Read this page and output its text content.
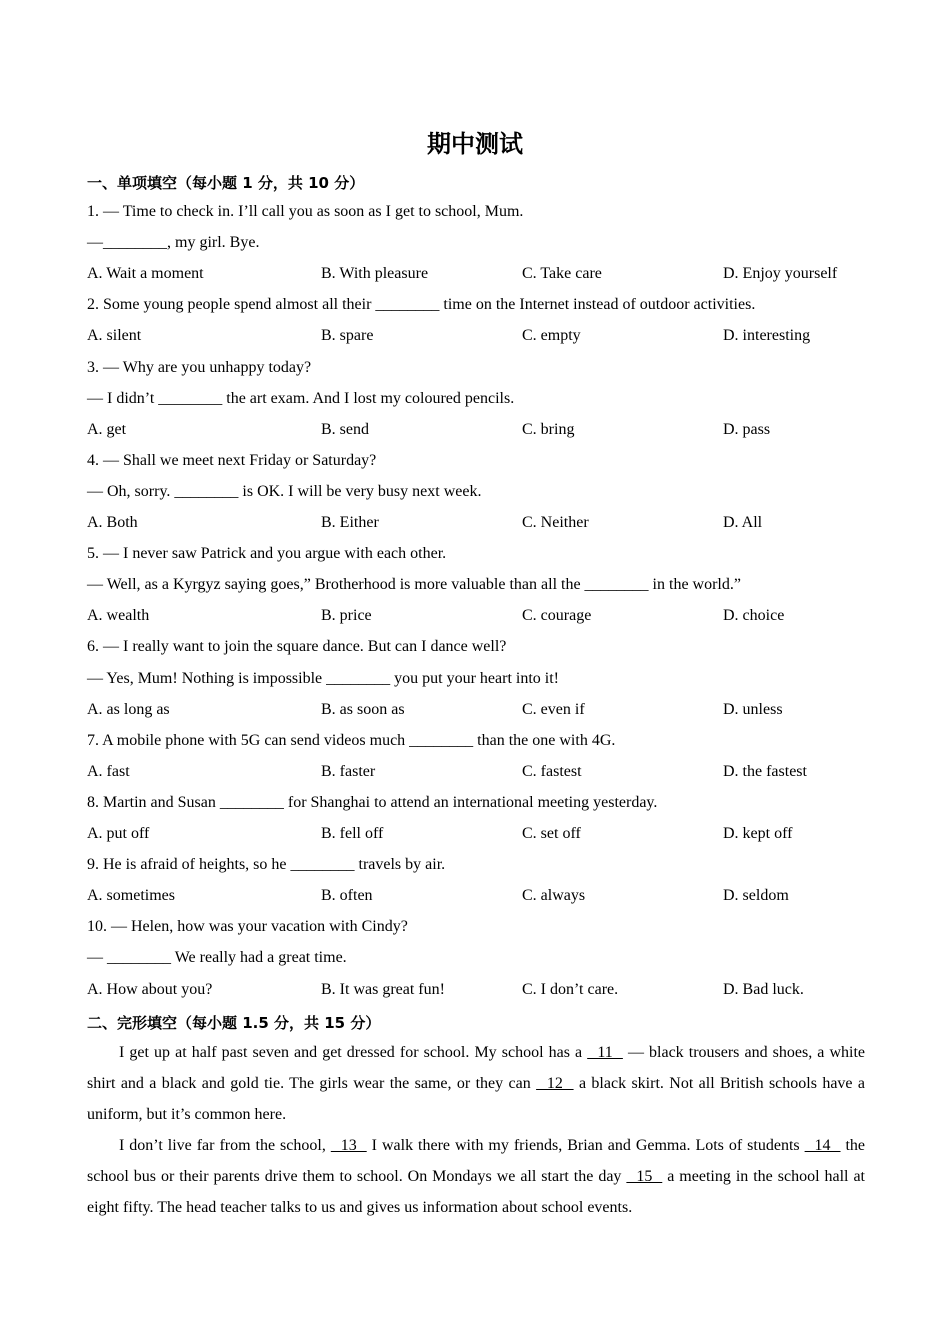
期中测试
一、单项填空（每小题 1 分，共 10 分）
1. — Time to check in. I’ll call you as soon as I get to school, Mum.
—________, my girl. Bye.
A. Wait a moment	B. With pleasure	C. Take care	D. Enjoy yourself
2. Some young people spend almost all their ________ time on the Internet instead of outdoor activities.
A. silent	B. spare	C. empty	D. interesting
3. — Why are you unhappy today?
— I didn’t ________ the art exam. And I lost my coloured pencils.
A. get	B. send	C. bring	D. pass
4. — Shall we meet next Friday or Saturday?
— Oh, sorry. ________ is OK. I will be very busy next week.
A. Both	B. Either	C. Neither	D. All
5. — I never saw Patrick and you argue with each other.
— Well, as a Kyrgyz saying goes,” Brotherhood is more valuable than all the ________ in the world.”
A. wealth	B. price	C. courage	D. choice
6. — I really want to join the square dance. But can I dance well?
— Yes, Mum! Nothing is impossible ________ you put your heart into it!
A. as long as	B. as soon as	C. even if	D. unless
7. A mobile phone with 5G can send videos much ________ than the one with 4G.
A. fast	B. faster	C. fastest	D. the fastest
8. Martin and Susan ________ for Shanghai to attend an international meeting yesterday.
A. put off	B. fell off	C. set off	D. kept off
9. He is afraid of heights, so he ________ travels by air.
A. sometimes	B. often	C. always	D. seldom
10. — Helen, how was your vacation with Cindy?
— ________ We really had a great time.
A. How about you?	B. It was great fun!	C. I don’t care.	D. Bad luck.
二、完形填空（每小题 1.5 分，共 15 分）
I get up at half past seven and get dressed for school. My school has a   11   — black trousers and shoes, a white shirt and a black and gold tie. The girls wear the same, or they can   12   a black skirt. Not all British schools have a uniform, but it’s common here.
I don’t live far from the school,   13   I walk there with my friends, Brian and Gemma. Lots of students   14   the school bus or their parents drive them to school. On Mondays we all start the day   15   a meeting in the school hall at eight fifty. The head teacher talks to us and gives us information about school events.
